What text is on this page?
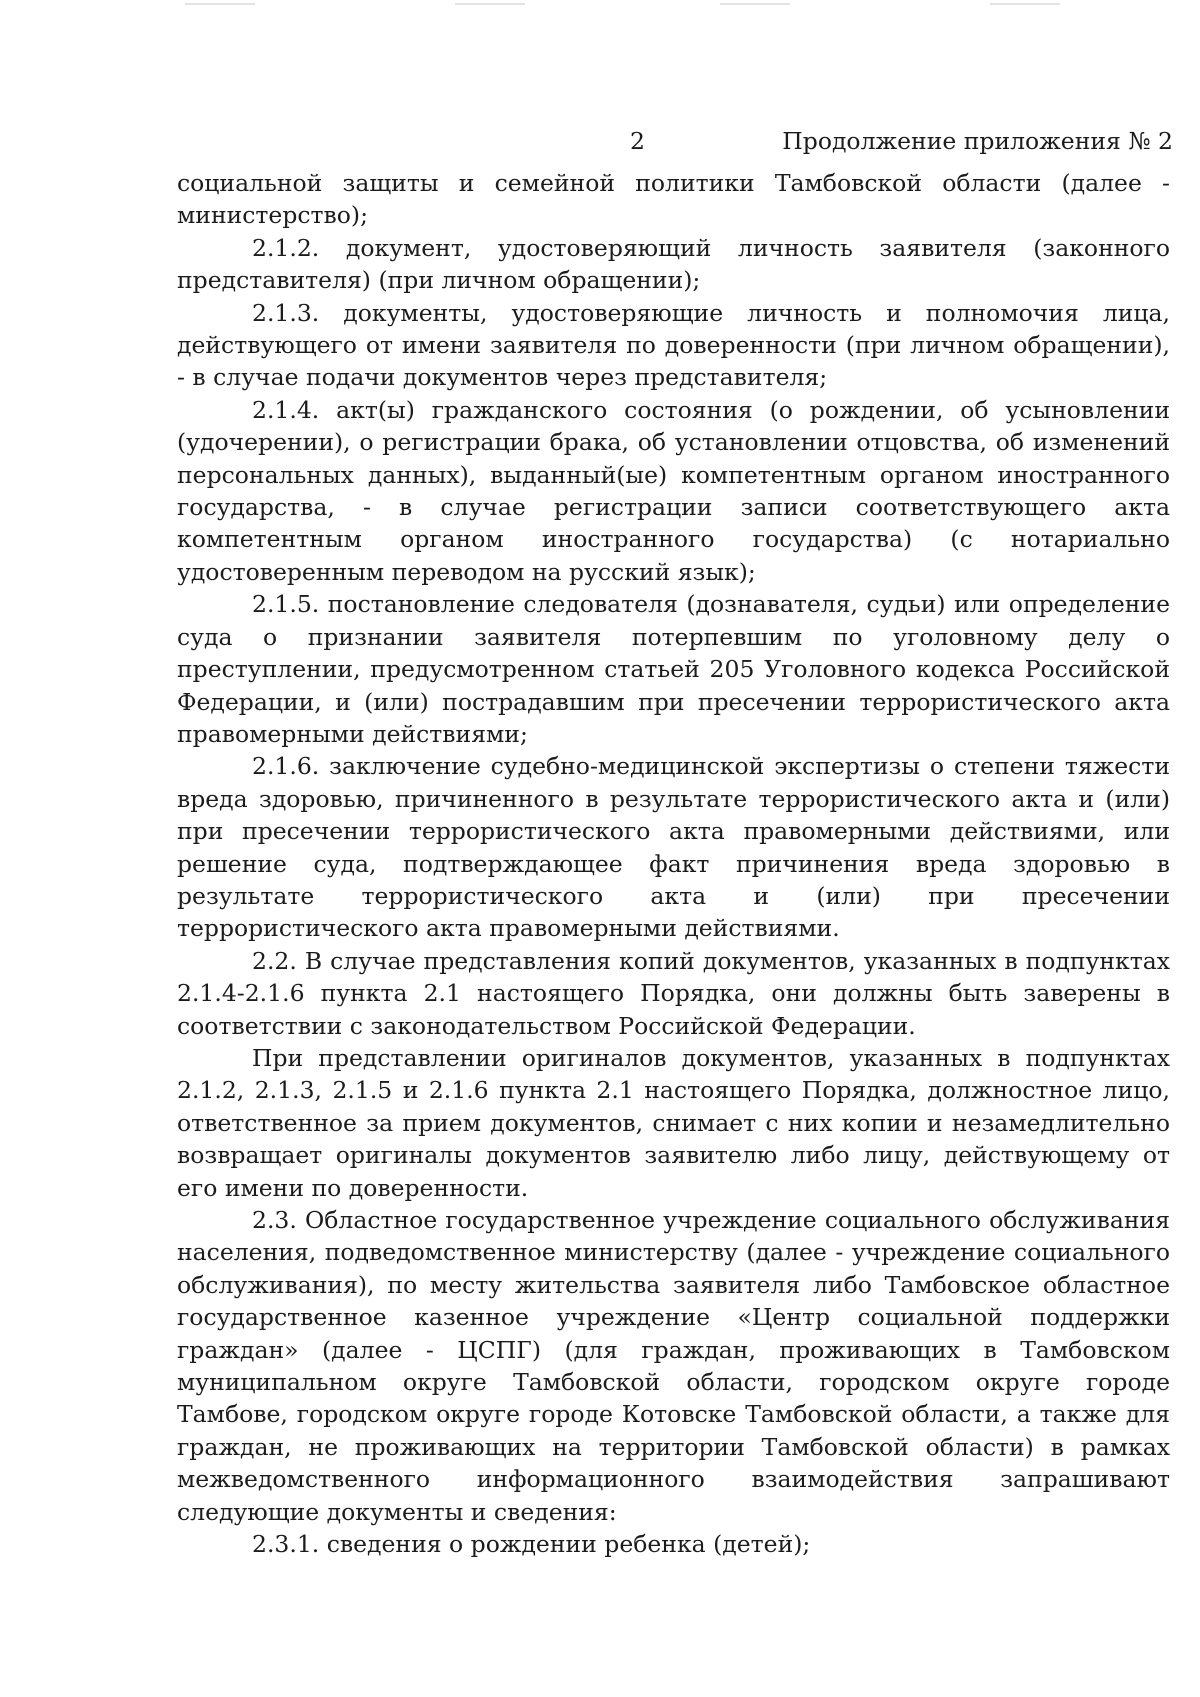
2	Продолжение приложения № 2

социальной защиты и семейной политики Тамбовской области (далее - министерство);

2.1.2. документ, удостоверяющий личность заявителя (законного представителя) (при личном обращении);

2.1.3. документы, удостоверяющие личность и полномочия лица, действующего от имени заявителя по доверенности (при личном обращении), - в случае подачи документов через представителя;

2.1.4. акт(ы) гражданского состояния (о рождении, об усыновлении (удочерении), о регистрации брака, об установлении отцовства, об изменений персональных данных), выданный(ые) компетентным органом иностранного государства, - в случае регистрации записи соответствующего акта компетентным органом иностранного государства) (с нотариально удостоверенным переводом на русский язык);

2.1.5. постановление следователя (дознавателя, судьи) или определение суда о признании заявителя потерпевшим по уголовному делу о преступлении, предусмотренном статьей 205 Уголовного кодекса Российской Федерации, и (или) пострадавшим при пресечении террористического акта правомерными действиями;

2.1.6. заключение судебно-медицинской экспертизы о степени тяжести вреда здоровью, причиненного в результате террористического акта и (или) при пресечении террористического акта правомерными действиями, или решение суда, подтверждающее факт причинения вреда здоровью в результате террористического акта и (или) при пресечении террористического акта правомерными действиями.

2.2. В случае представления копий документов, указанных в подпунктах 2.1.4-2.1.6 пункта 2.1 настоящего Порядка, они должны быть заверены в соответствии с законодательством Российской Федерации.

При представлении оригиналов документов, указанных в подпунктах 2.1.2, 2.1.3, 2.1.5 и 2.1.6 пункта 2.1 настоящего Порядка, должностное лицо, ответственное за прием документов, снимает с них копии и незамедлительно возвращает оригиналы документов заявителю либо лицу, действующему от его имени по доверенности.

2.3. Областное государственное учреждение социального обслуживания населения, подведомственное министерству (далее - учреждение социального обслуживания), по месту жительства заявителя либо Тамбовское областное государственное казенное учреждение «Центр социальной поддержки граждан» (далее - ЦСПГ) (для граждан, проживающих в Тамбовском муниципальном округе Тамбовской области, городском округе городе Тамбове, городском округе городе Котовске Тамбовской области, а также для граждан, не проживающих на территории Тамбовской области) в рамках межведомственного информационного взаимодействия запрашивают следующие документы и сведения:

2.3.1. сведения о рождении ребенка (детей);
